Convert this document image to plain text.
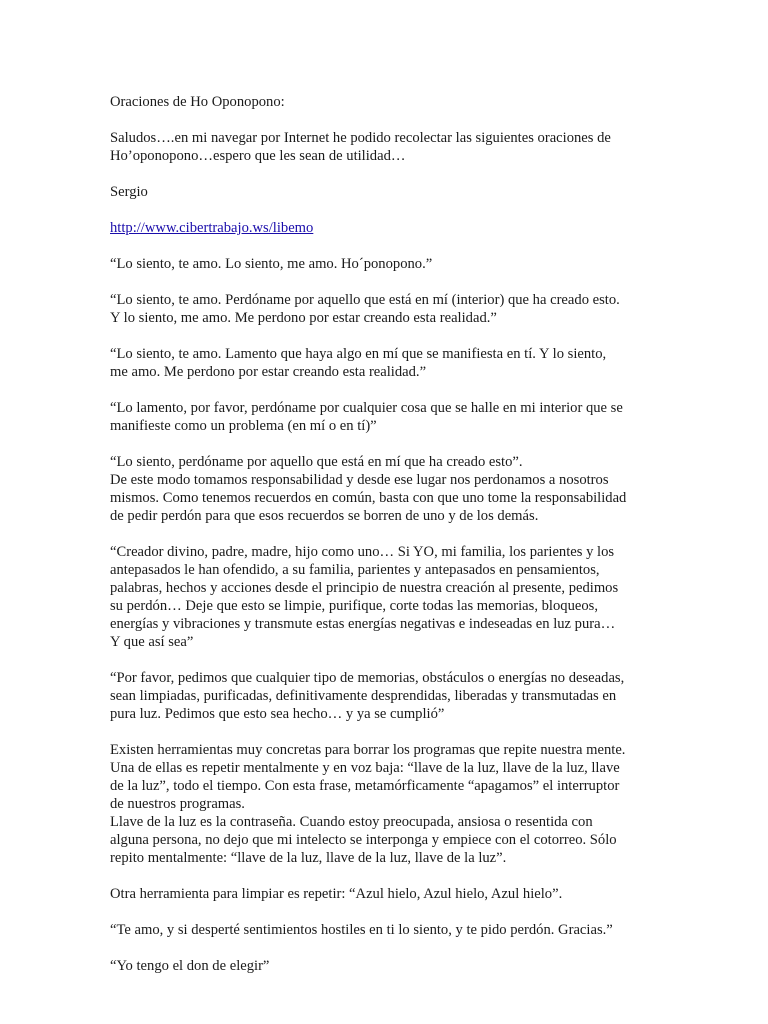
Oraciones de Ho Oponopono:

Saludos….en mi navegar por Internet he podido recolectar las siguientes oraciones de
Ho’oponopono…espero que les sean de utilidad…

Sergio

http://www.cibertrabajo.ws/libemo

“Lo siento, te amo. Lo siento, me amo. Ho´ponopono.”

“Lo siento, te amo. Perdóname por aquello que está en mí (interior) que ha creado esto.
Y lo siento, me amo. Me perdono por estar creando esta realidad.”

“Lo siento, te amo. Lamento que haya algo en mí que se manifiesta en tí. Y lo siento,
me amo. Me perdono por estar creando esta realidad.”

“Lo lamento, por favor, perdóname por cualquier cosa que se halle en mi interior que se
manifieste como un problema (en mí o en tí)”

“Lo siento, perdóname por aquello que está en mí que ha creado esto”.
De este modo tomamos responsabilidad y desde ese lugar nos perdonamos a nosotros
mismos. Como tenemos recuerdos en común, basta con que uno tome la responsabilidad
de pedir perdón para que esos recuerdos se borren de uno y de los demás.

“Creador divino, padre, madre, hijo como uno… Si YO, mi familia, los parientes y los
antepasados le han ofendido, a su familia, parientes y antepasados en pensamientos,
palabras, hechos y acciones desde el principio de nuestra creación al presente, pedimos
su perdón… Deje que esto se limpie, purifique, corte todas las memorias, bloqueos,
energías y vibraciones y transmute estas energías negativas e indeseadas en luz pura…
Y que así sea”

“Por favor, pedimos que cualquier tipo de memorias, obstáculos o energías no deseadas,
sean limpiadas, purificadas, definitivamente desprendidas, liberadas y transmutadas en
pura luz. Pedimos que esto sea hecho… y ya se cumplió”

Existen herramientas muy concretas para borrar los programas que repite nuestra mente.
Una de ellas es repetir mentalmente y en voz baja: “llave de la luz, llave de la luz, llave
de la luz”, todo el tiempo. Con esta frase, metamórficamente “apagamos” el interruptor
de nuestros programas.
Llave de la luz es la contraseña. Cuando estoy preocupada, ansiosa o resentida con
alguna persona, no dejo que mi intelecto se interponga y empiece con el cotorreo. Sólo
repito mentalmente: “llave de la luz, llave de la luz, llave de la luz”.

Otra herramienta para limpiar es repetir: “Azul hielo, Azul hielo, Azul hielo”.

“Te amo, y si desperté sentimientos hostiles en ti lo siento, y te pido perdón. Gracias.”

“Yo tengo el don de elegir”
